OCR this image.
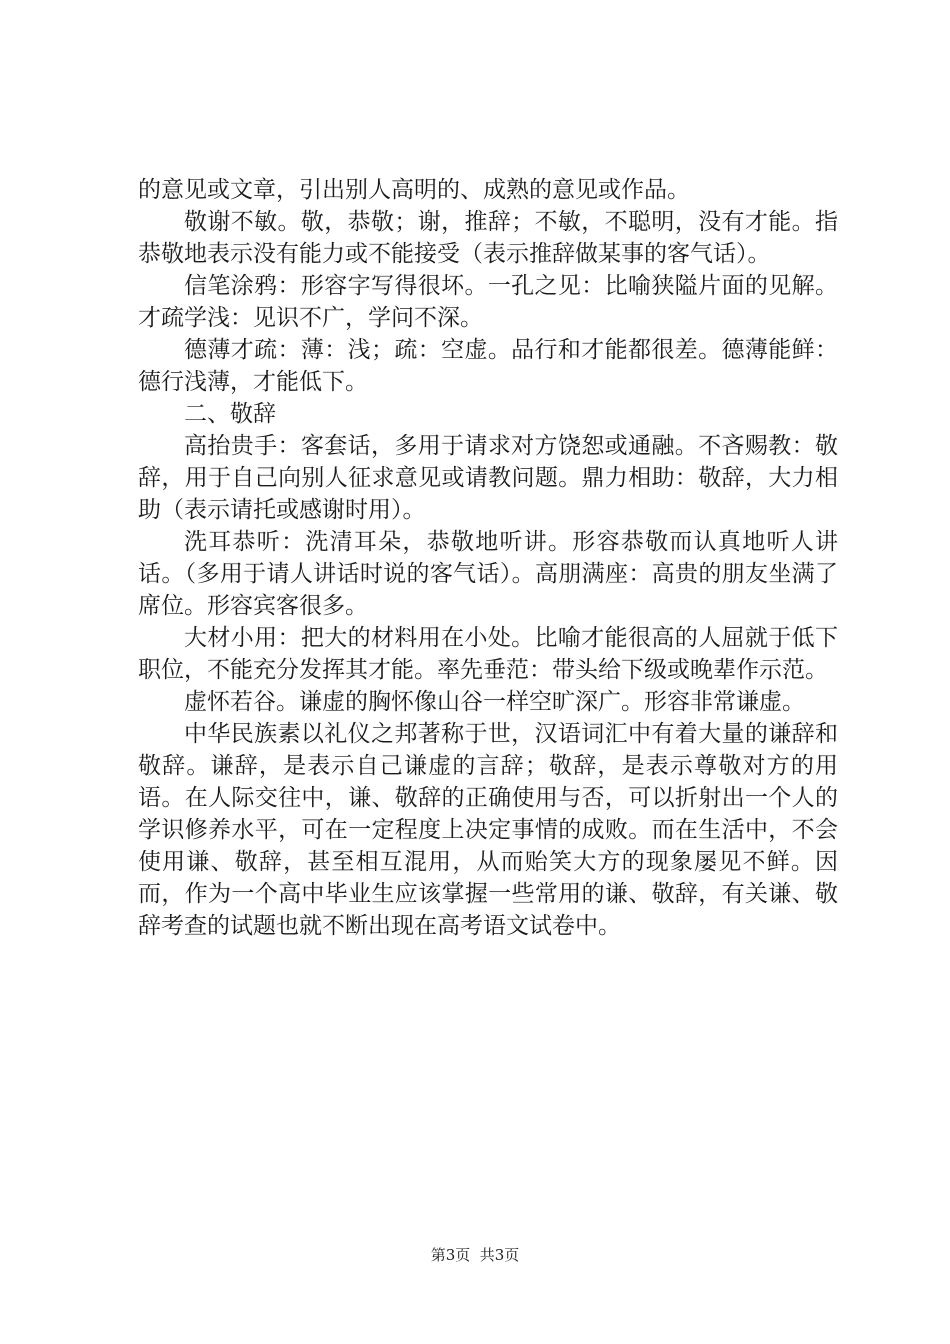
的意见或文章，引出别人高明的、成熟的意见或作品。

敬谢不敏。敬，恭敬；谢，推辞；不敏，不聪明，没有才能。指恭敬地表示没有能力或不能接受（表示推辞做某事的客气话）。

信笔涂鸦：形容字写得很坏。一孔之见：比喻狭隘片面的见解。才疏学浅：见识不广，学问不深。

德薄才疏：薄：浅；疏：空虚。品行和才能都很差。德薄能鲜：德行浅薄，才能低下。

二、敬辞

高抬贵手：客套话，多用于请求对方饶恕或通融。不吝赐教：敬辞，用于自己向别人征求意见或请教问题。鼎力相助：敬辞，大力相助（表示请托或感谢时用）。

洗耳恭听：洗清耳朵，恭敬地听讲。形容恭敬而认真地听人讲话。（多用于请人讲话时说的客气话）。高朋满座：高贵的朋友坐满了席位。形容宾客很多。

大材小用：把大的材料用在小处。比喻才能很高的人屈就于低下职位，不能充分发挥其才能。率先垂范：带头给下级或晚辈作示范。

虚怀若谷。谦虚的胸怀像山谷一样空旷深广。形容非常谦虚。

中华民族素以礼仪之邦著称于世，汉语词汇中有着大量的谦辞和敬辞。谦辞，是表示自己谦虚的言辞；敬辞，是表示尊敬对方的用语。在人际交往中，谦、敬辞的正确使用与否，可以折射出一个人的学识修养水平，可在一定程度上决定事情的成败。而在生活中，不会使用谦、敬辞，甚至相互混用，从而贻笑大方的现象屡见不鲜。因而，作为一个高中毕业生应该掌握一些常用的谦、敬辞，有关谦、敬辞考查的试题也就不断出现在高考语文试卷中。

第3页  共3页
